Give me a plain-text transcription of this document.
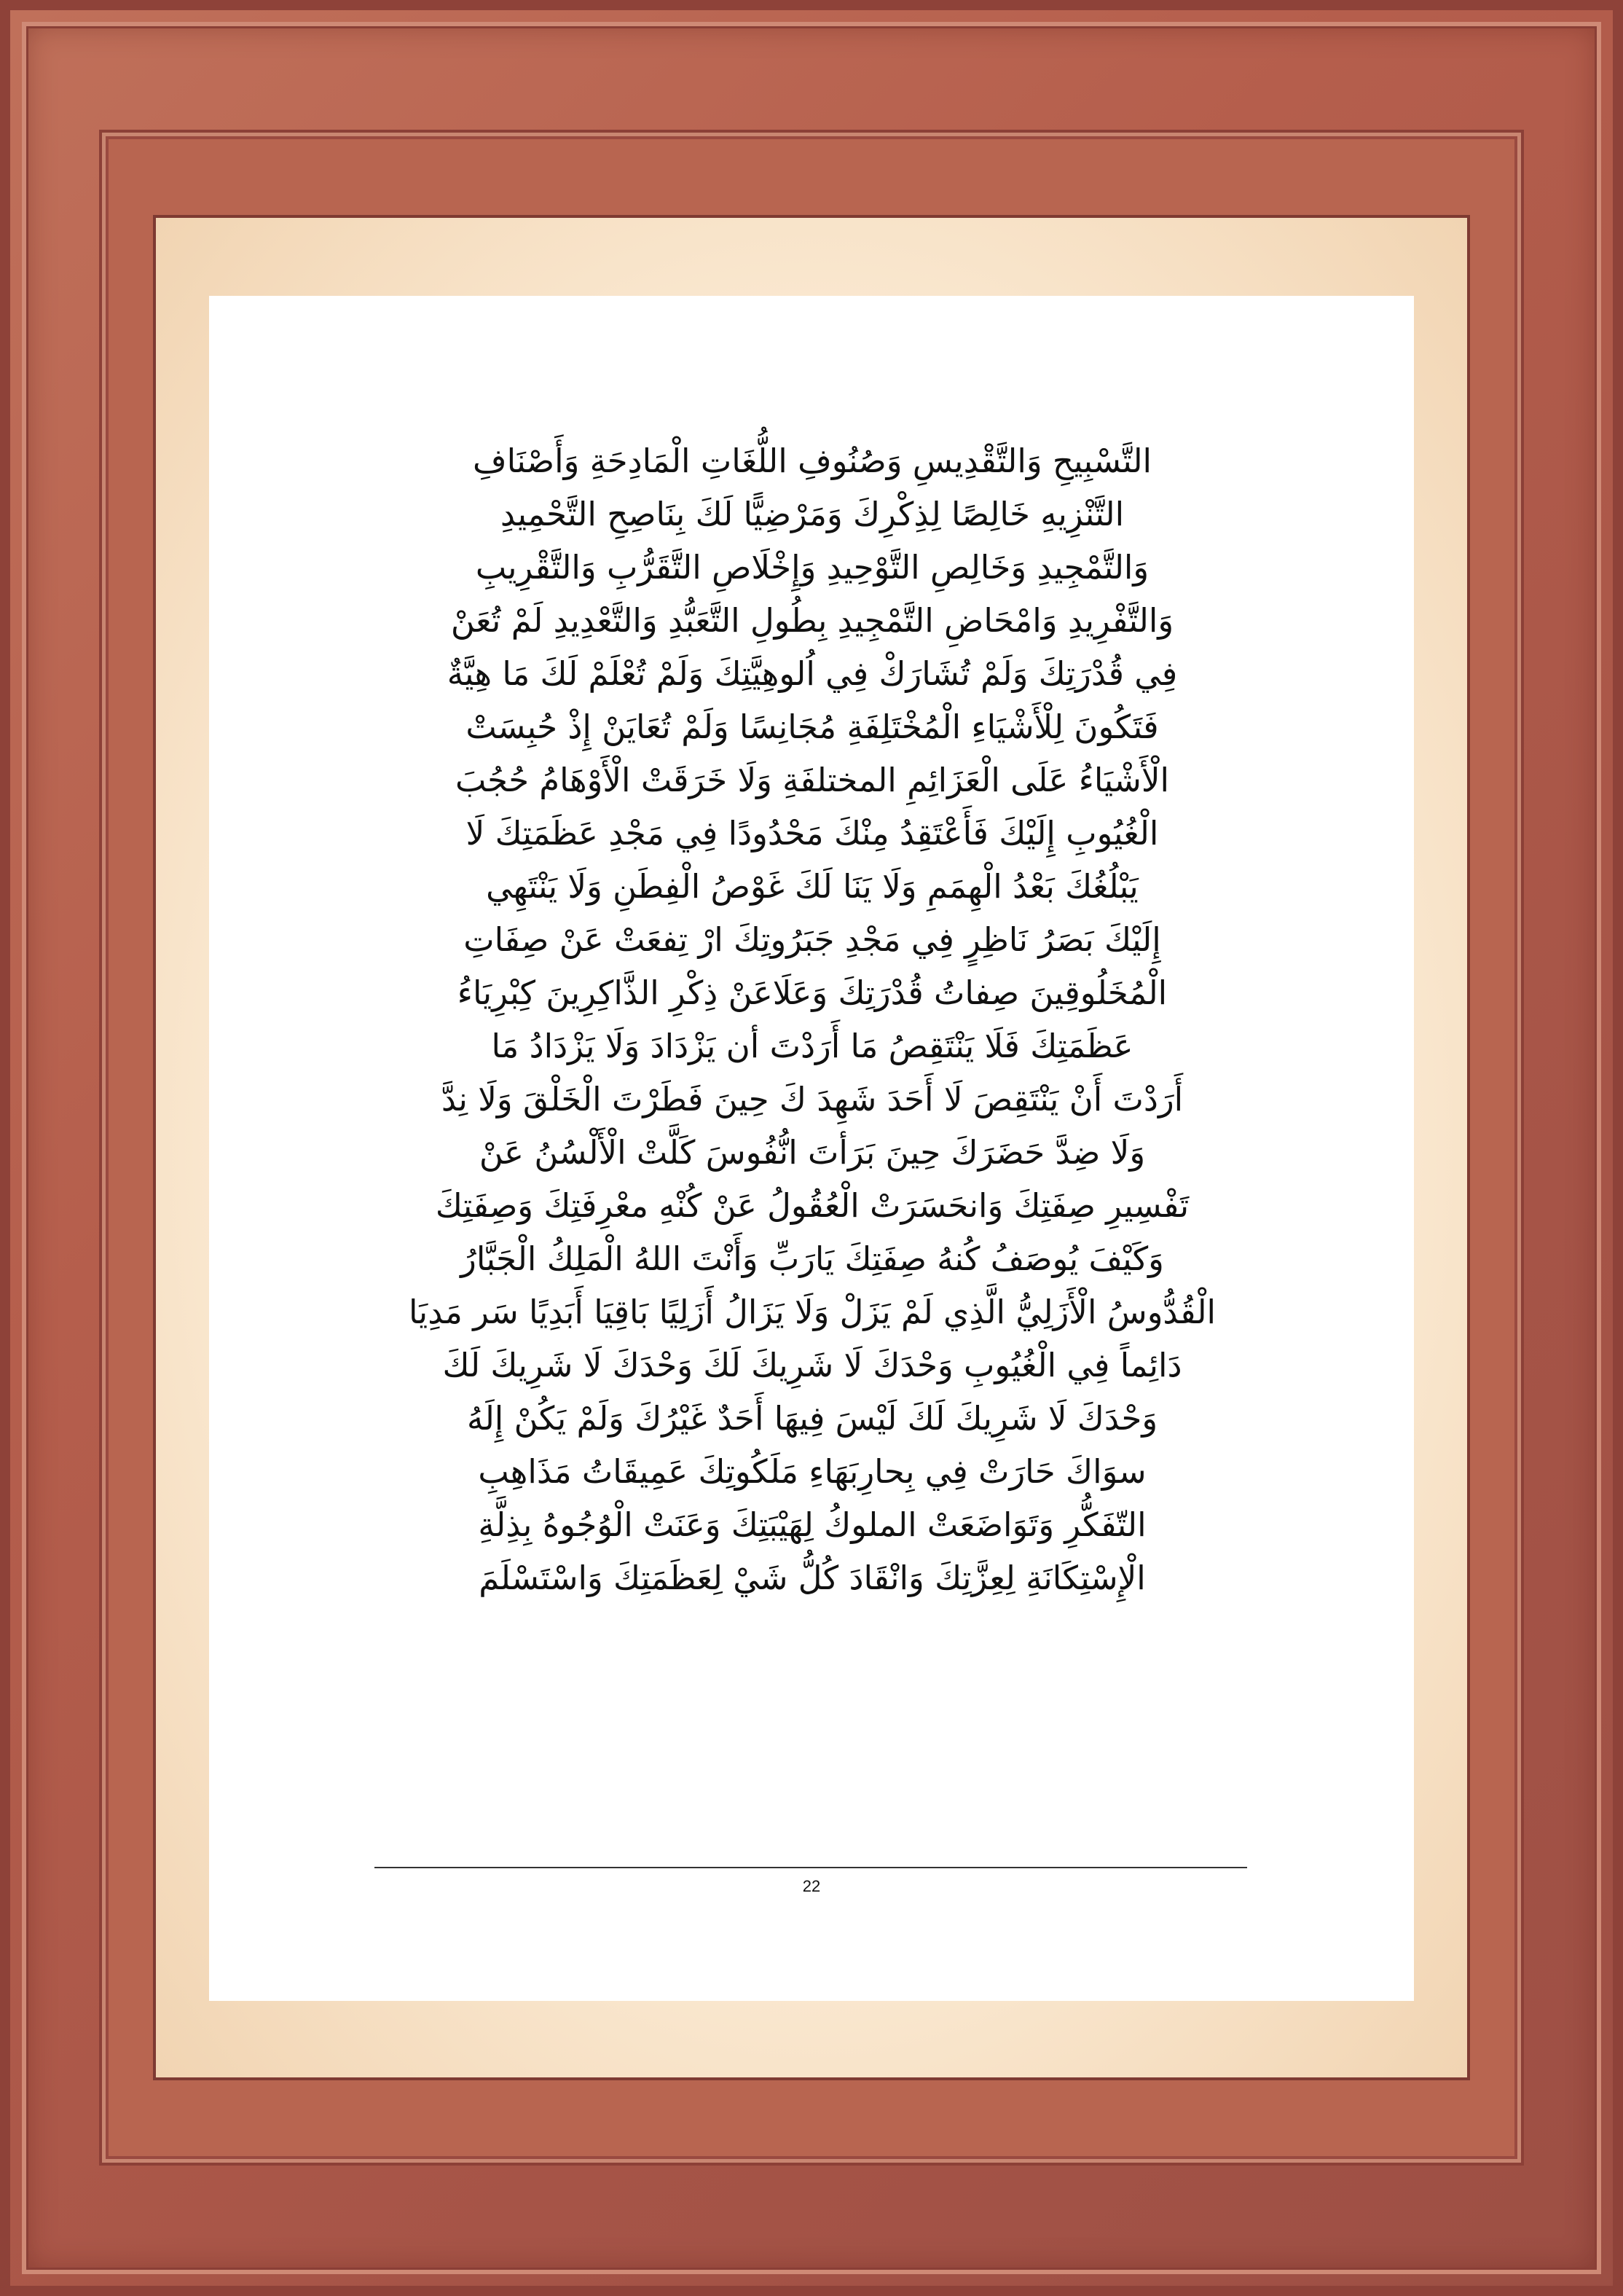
التَّسْبِيحِ وَالتَّقْدِيسِ وَصُنُوفِ اللُّغَاتِ الْمَادِحَةِ وَأَصْنَافِ

التَّنْزِيهِ خَالِصًا لِذِكْرِكَ وَمَرْضِيًّا لَكَ بِنَاصِحِ التَّحْمِيدِ

وَالتَّمْجِيدِ وَخَالِصِ التَّوْحِيدِ وَإِخْلَاصِ التَّقَرُّبِ وَالتَّقْرِيبِ

وَالتَّفْرِيدِ وَامْحَاضِ التَّمْجِيدِ بِطُولِ التَّعَبُّدِ وَالتَّعْدِيدِ لَمْ تُعَنْ

فِي قُدْرَتِكَ وَلَمْ تُشَارَكْ فِي اُلوهِيَّتِكَ وَلَمْ تُعْلَمْ لَكَ مَا هِيَّةٌ

فَتَكُونَ لِلْأَشْيَاءِ الْمُخْتَلِفَةِ مُجَانِسًا وَلَمْ تُعَايَنْ إِذْ حُبِسَتْ

الْأَشْيَاءُ عَلَى الْعَزَائِمِ المختلفَةِ وَلَا خَرَقَتْ الْأَوْهَامُ حُجُبَ

الْغُيُوبِ إِلَيْكَ فَأَعْتَقِدُ مِنْكَ مَحْدُودًا فِي مَجْدِ عَظَمَتِكَ لَا

يَبْلُغُكَ بَعْدُ الْهِمَمِ وَلَا يَنَا لَكَ غَوْصُ الْفِطَنِ وَلَا يَنْتَهِي

إِلَيْكَ بَصَرُ نَاظِرٍ فِي مَجْدِ جَبَرُوتِكَ ارْ تِفعَتْ عَنْ صِفَاتِ

الْمُخَلُوقِينَ صِفاتُ قُدْرَتِكَ وَعَلَاعَنْ ذِكْرِ الذَّاكِرِينَ كِبْرِيَاءُ

عَظَمَتِكَ فَلَا يَنْتَقِصُ مَا أَرَدْتَ أن يَزْدَادَ وَلَا يَزْدَادُ مَا

أَرَدْتَ أَنْ يَنْتَقِصَ لَا أَحَدَ شَهِدَ كَ حِينَ فَطَرْتَ الْخَلْقَ وَلَا نِدَّ

وَلَا ضِدَّ حَضَرَكَ حِينَ بَرَأتَ انُّفُوسَ كَلَّتْ الْأَلْسُنُ عَنْ

تَفْسِيرِ صِفَتِكَ وَانحَسَرَتْ الْعُقُولُ عَنْ كُنْهِ معْرِفَتِكَ وَصِفَتِكَ

وَكَيْفَ يُوصَفُ كُنهُ صِفَتِكَ يَارَبِّ وَأَنْتَ اللهُ الْمَلِكُ الْجَبَّارُ

الْقُدُّوسُ الْأَزَلِيُّ الَّذِي لَمْ يَزَلْ وَلَا يَزَالُ أَزَلِيًا بَاقِيَا أَبَدِيًا سَر مَدِيَا

دَائِماً فِي الْغُيُوبِ وَحْدَكَ لَا شَرِيكَ لَكَ وَحْدَكَ لَا شَرِيكَ لَكَ

وَحْدَكَ لَا شَرِيكَ لَكَ لَيْسَ فِيهَا أَحَدٌ غَيْرُكَ وَلَمْ يَكُنْ إِلَهُ

سوَاكَ حَارَتْ فِي بِحارِبَهَاءِ مَلَكُوتِكَ عَمِيقَاتُ مَذَاهِبِ

التّفَكُّرِ وَتَوَاضَعَتْ الملوكُ لِهَيْبَتِكَ وَعَنَتْ الْوُجُوهُ بِذِلَّةِ

الْإِسْتِكَانَةِ لِعِزَّتِكَ وَانْقَادَ كُلُّ شَيْ لِعَظَمَتِكَ وَاسْتَسْلَمَ

22
